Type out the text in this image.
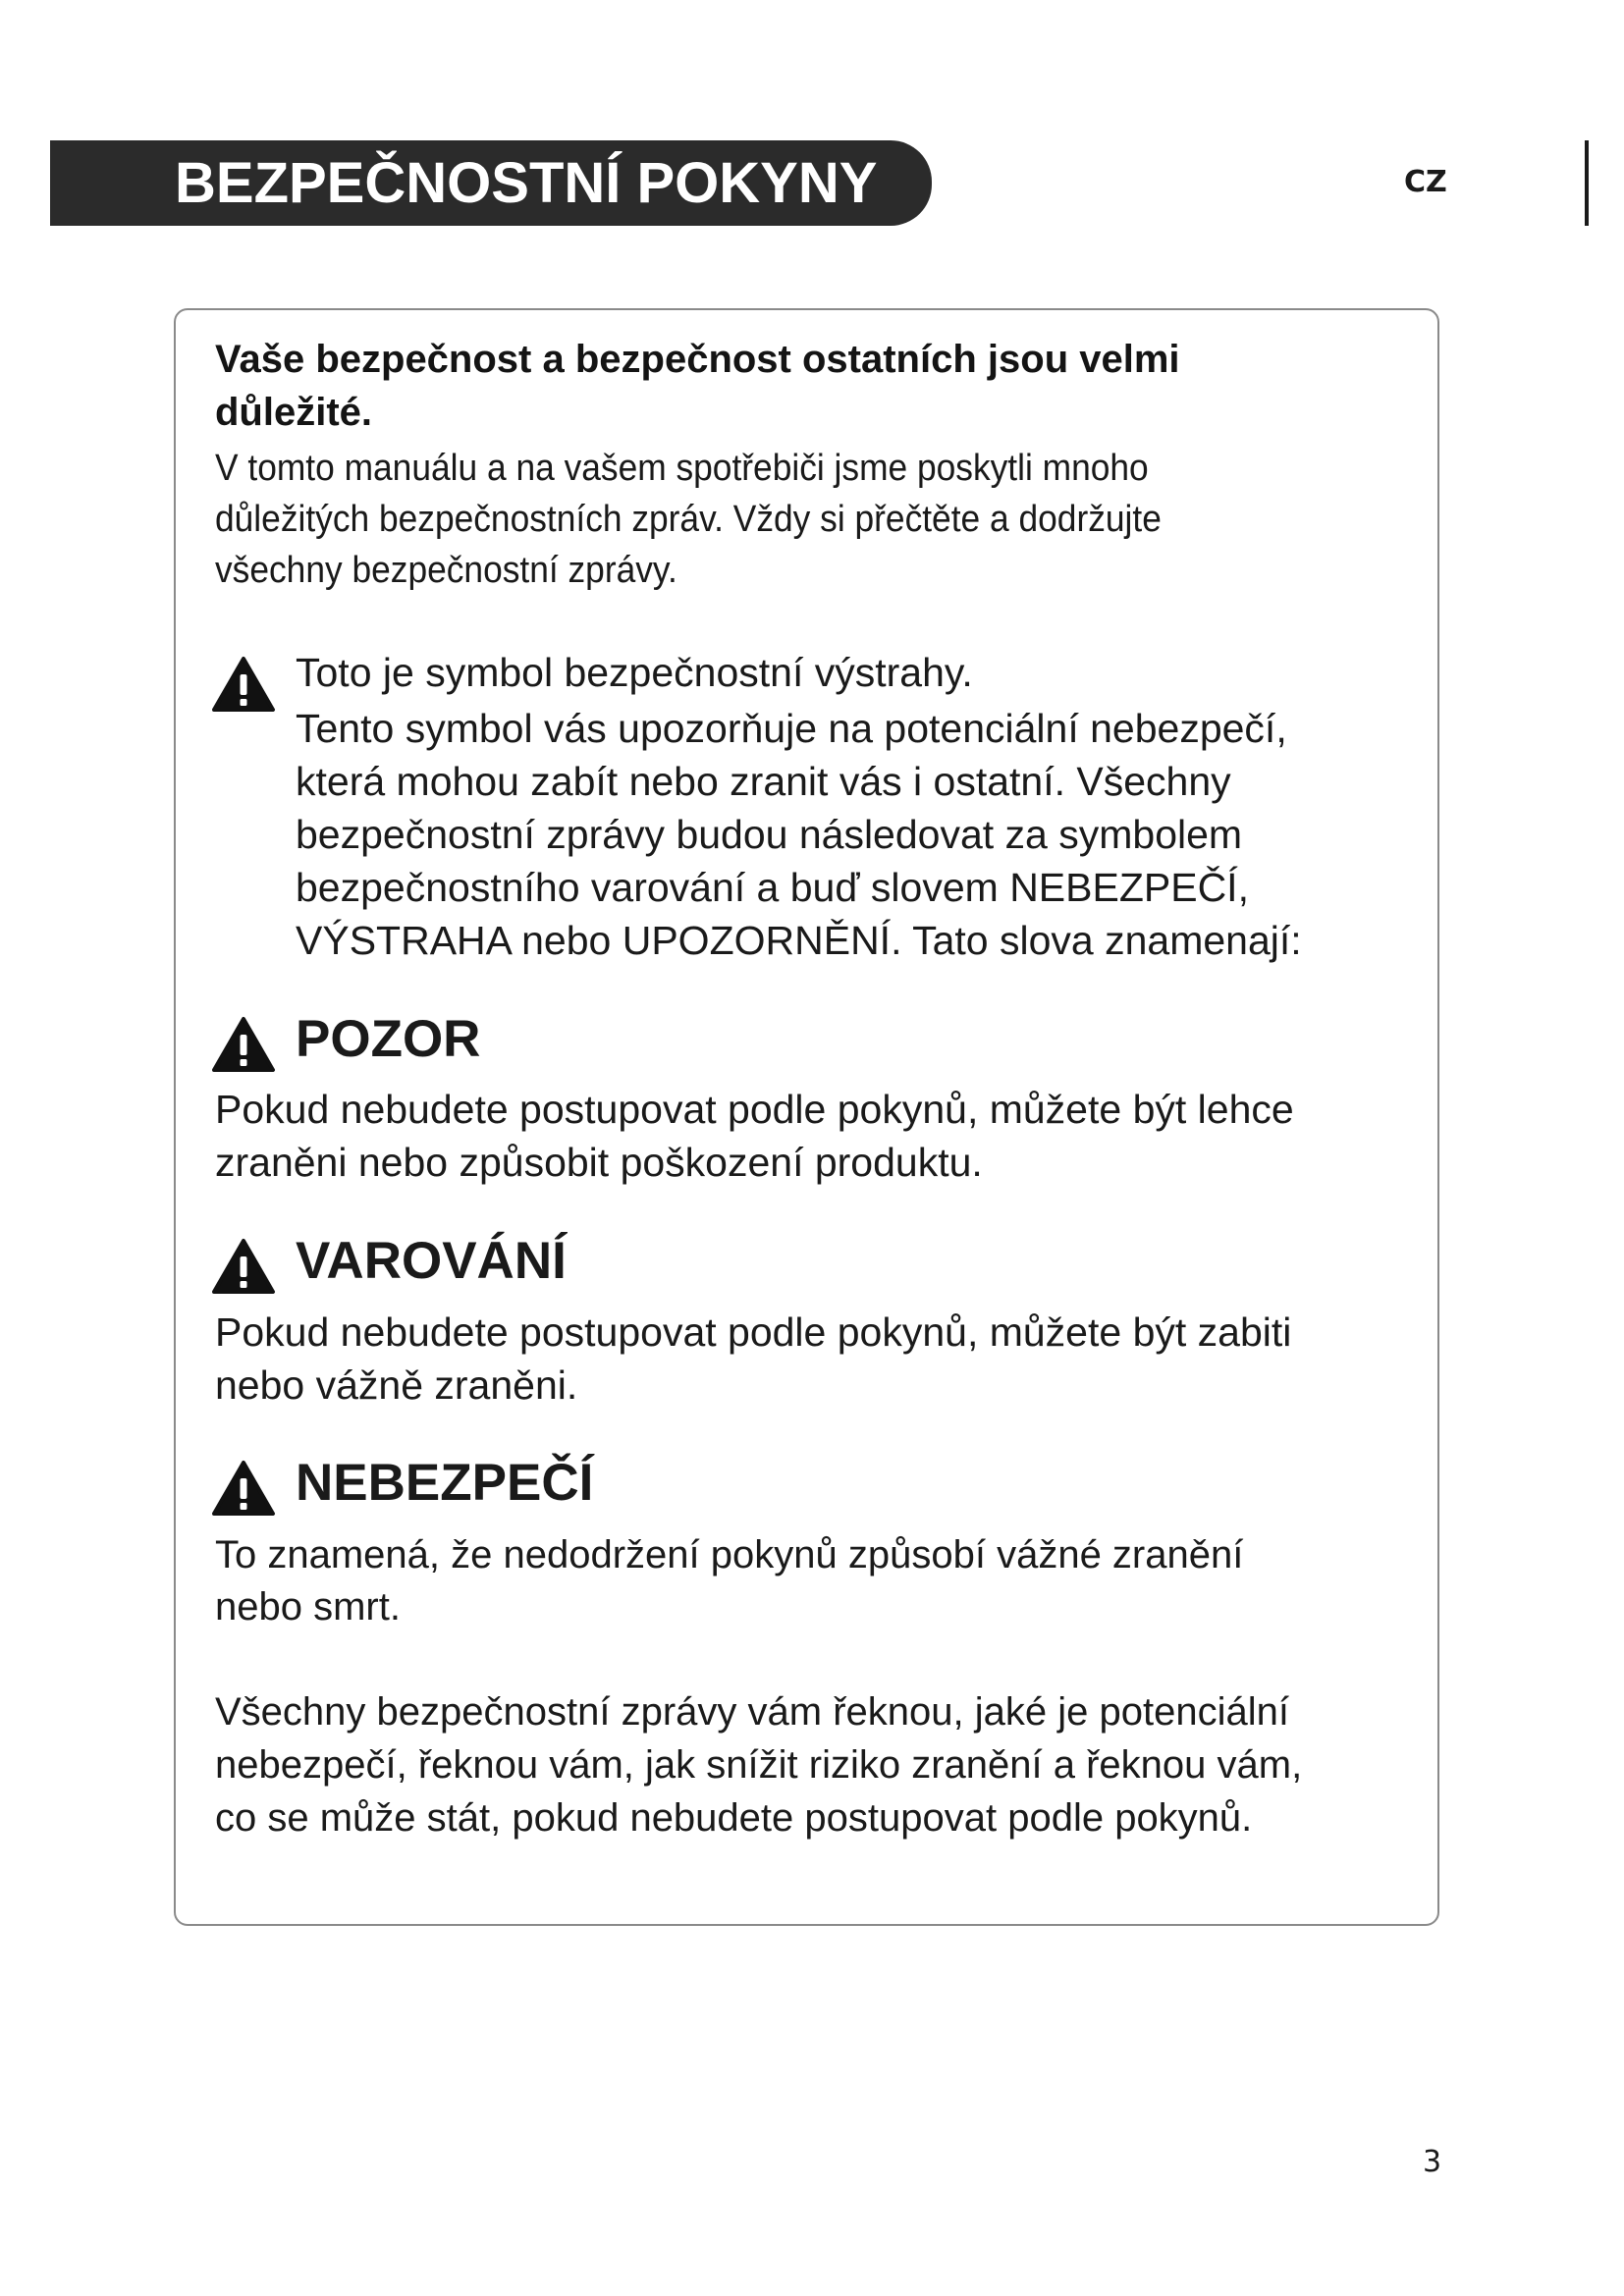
BEZPEČNOSTNÍ POKYNY	CZ

Vaše bezpečnost a bezpečnost ostatních jsou velmi

důležité.

V tomto manuálu a na vašem spotřebiči jsme poskytli mnoho

důležitých bezpečnostních zpráv. Vždy si přečtěte a dodržujte

všechny bezpečnostní zprávy.

Toto je symbol bezpečnostní výstrahy.

Tento symbol vás upozorňuje na potenciální nebezpečí,

která mohou zabít nebo zranit vás i ostatní. Všechny

bezpečnostní zprávy budou následovat za symbolem

bezpečnostního varování a buď slovem NEBEZPEČÍ,

VÝSTRAHA nebo UPOZORNĚNÍ. Tato slova znamenají:

POZOR

Pokud nebudete postupovat podle pokynů, můžete být lehce

zraněni nebo způsobit poškození produktu.

VAROVÁNÍ

Pokud nebudete postupovat podle pokynů, můžete být zabiti

nebo vážně zraněni.

NEBEZPEČÍ

To znamená, že nedodržení pokynů způsobí vážné zranění

nebo smrt.

Všechny bezpečnostní zprávy vám řeknou, jaké je potenciální

nebezpečí, řeknou vám, jak snížit riziko zranění a řeknou vám,

co se může stát, pokud nebudete postupovat podle pokynů.

3
